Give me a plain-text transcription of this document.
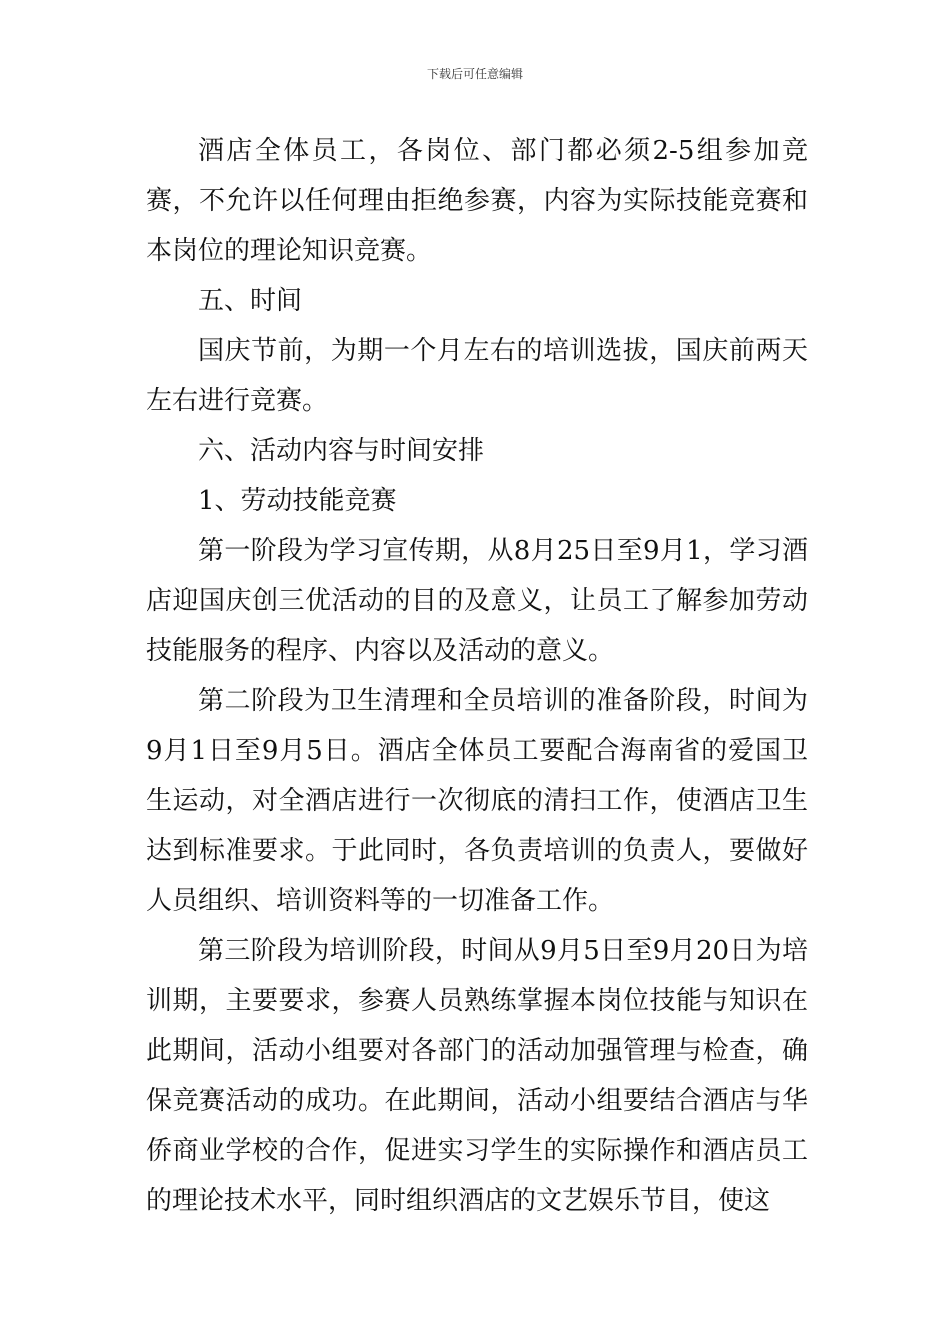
下载后可任意编辑

酒店全体员工，各岗位、部门都必须2-5组参加竞赛，不允许以任何理由拒绝参赛，内容为实际技能竞赛和本岗位的理论知识竞赛。

五、时间

国庆节前，为期一个月左右的培训选拔，国庆前两天左右进行竞赛。

六、活动内容与时间安排

1、劳动技能竞赛

第一阶段为学习宣传期，从8月25日至9月1，学习酒店迎国庆创三优活动的目的及意义，让员工了解参加劳动技能服务的程序、内容以及活动的意义。

第二阶段为卫生清理和全员培训的准备阶段，时间为9月1日至9月5日。酒店全体员工要配合海南省的爱国卫生运动，对全酒店进行一次彻底的清扫工作，使酒店卫生达到标准要求。于此同时，各负责培训的负责人，要做好人员组织、培训资料等的一切准备工作。

第三阶段为培训阶段，时间从9月5日至9月20日为培训期，主要要求，参赛人员熟练掌握本岗位技能与知识在此期间，活动小组要对各部门的活动加强管理与检查，确保竞赛活动的成功。在此期间，活动小组要结合酒店与华侨商业学校的合作，促进实习学生的实际操作和酒店员工的理论技术水平，同时组织酒店的文艺娱乐节目，使这
